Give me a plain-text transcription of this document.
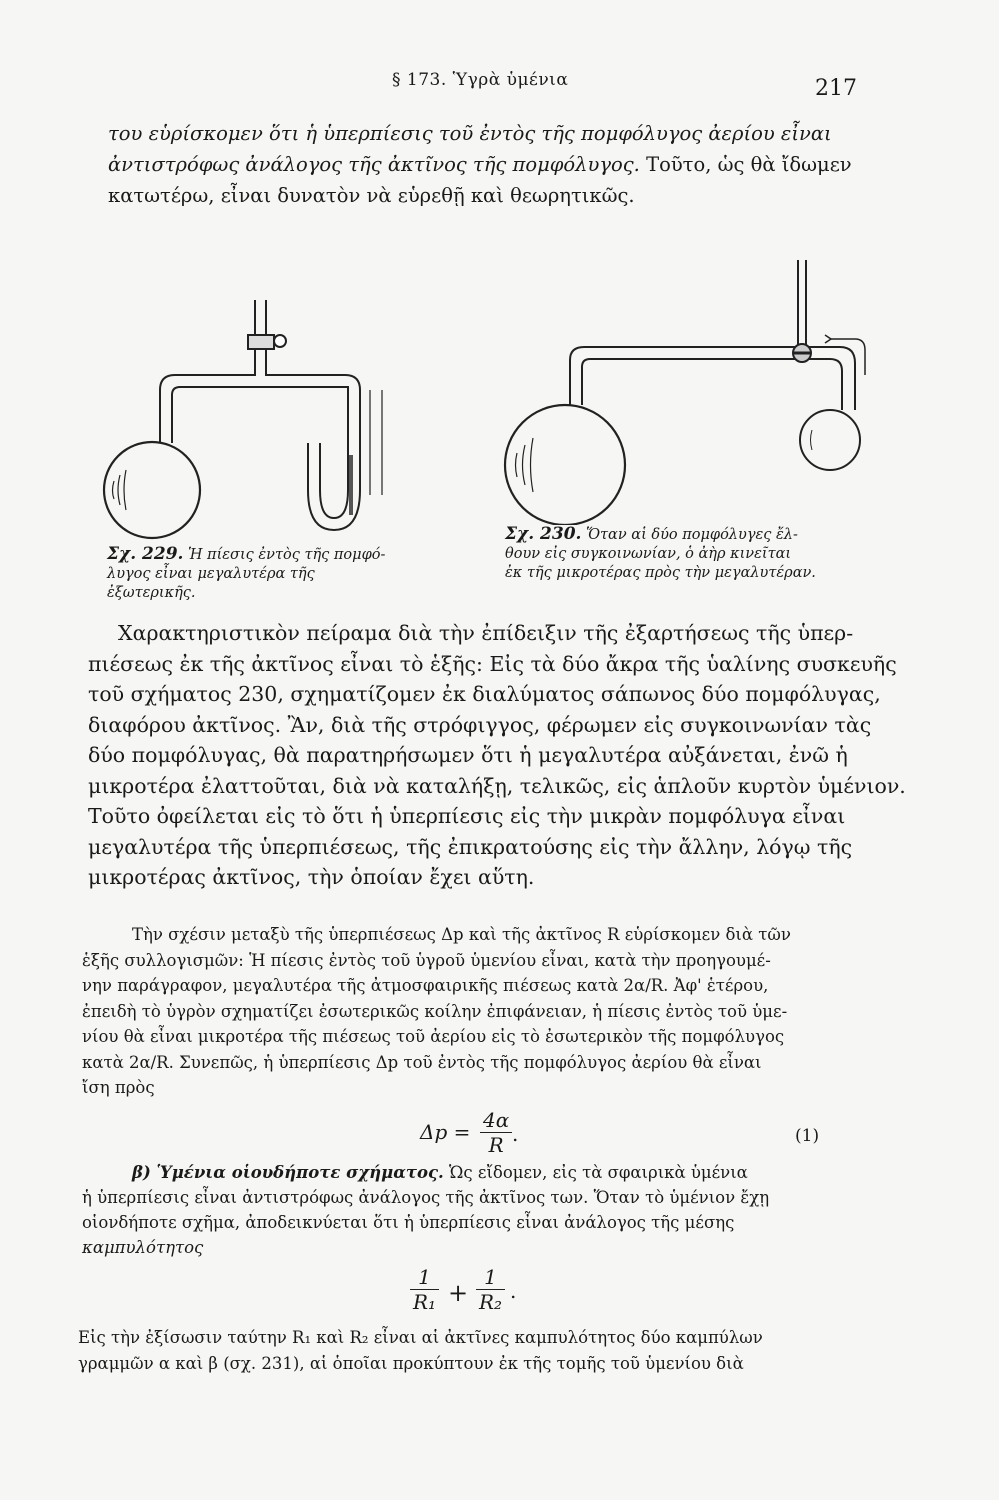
§ 173. Ὑγρὰ ὑμένια	217
του εὑρίσκομεν ὅτι ἡ ὑπερπίεσις τοῦ ἐντὸς τῆς πομφόλυγος ἀερίου εἶναι
ἀντιστρόφως ἀνάλογος τῆς ἀκτῖνος τῆς πομφόλυγος. Τοῦτο, ὡς θὰ ἴδωμεν
κατωτέρω, εἶναι δυνατὸν νὰ εὑρεθῇ καὶ θεωρητικῶς.
Σχ. 229. Ἡ πίεσις ἐντὸς τῆς πομφό-
λυγος εἶναι μεγαλυτέρα τῆς ἐξωτερικῆς.
Σχ. 230. Ὅταν αἱ δύο πομφόλυγες ἔλ-
θουν εἰς συγκοινωνίαν, ὁ ἀὴρ κινεῖται
ἐκ τῆς μικροτέρας πρὸς τὴν μεγαλυτέραν.
Χαρακτηριστικὸν πείραμα διὰ τὴν ἐπίδειξιν τῆς ἐξαρτήσεως τῆς ὑπερ-
πιέσεως ἐκ τῆς ἀκτῖνος εἶναι τὸ ἑξῆς: Εἰς τὰ δύο ἄκρα τῆς ὑαλίνης συσκευῆς
τοῦ σχήματος 230, σχηματίζομεν ἐκ διαλύματος σάπωνος δύο πομφόλυγας,
διαφόρου ἀκτῖνος. Ἂν, διὰ τῆς στρόφιγγος, φέρωμεν εἰς συγκοινωνίαν τὰς
δύο πομφόλυγας, θὰ παρατηρήσωμεν ὅτι ἡ μεγαλυτέρα αὐξάνεται, ἐνῶ ἡ
μικροτέρα ἐλαττοῦται, διὰ νὰ καταλήξῃ, τελικῶς, εἰς ἁπλοῦν κυρτὸν ὑμένιον.
Τοῦτο ὀφείλεται εἰς τὸ ὅτι ἡ ὑπερπίεσις εἰς τὴν μικρὰν πομφόλυγα εἶναι
μεγαλυτέρα τῆς ὑπερπιέσεως, τῆς ἐπικρατούσης εἰς τὴν ἄλλην, λόγῳ τῆς
μικροτέρας ἀκτῖνος, τὴν ὁποίαν ἔχει αὕτη.
Τὴν σχέσιν μεταξὺ τῆς ὑπερπιέσεως Δp καὶ τῆς ἀκτῖνος R εὑρίσκομεν διὰ τῶν
ἑξῆς συλλογισμῶν: Ἡ πίεσις ἐντὸς τοῦ ὑγροῦ ὑμενίου εἶναι, κατὰ τὴν προηγουμέ-
νην παράγραφον, μεγαλυτέρα τῆς ἀτμοσφαιρικῆς πιέσεως κατὰ 2α/R. Ἀφ' ἑτέρου,
ἐπειδὴ τὸ ὑγρὸν σχηματίζει ἐσωτερικῶς κοίλην ἐπιφάνειαν, ἡ πίεσις ἐντὸς τοῦ ὑμε-
νίου θὰ εἶναι μικροτέρα τῆς πιέσεως τοῦ ἀερίου εἰς τὸ ἐσωτερικὸν τῆς πομφόλυγος
κατὰ 2α/R. Συνεπῶς, ἡ ὑπερπίεσις Δp τοῦ ἐντὸς τῆς πομφόλυγος ἀερίου θὰ εἶναι
ἴση πρὸς
$\Delta p = \frac{4\alpha}{R}$ .	(1)
β) Ὑμένια οἱουδήποτε σχήματος. Ὡς εἴδομεν, εἰς τὰ σφαιρικὰ ὑμένια
ἡ ὑπερπίεσις εἶναι ἀντιστρόφως ἀνάλογος τῆς ἀκτῖνος των. Ὅταν τὸ ὑμένιον ἔχῃ
οἱονδήποτε σχῆμα, ἀποδεικνύεται ὅτι ἡ ὑπερπίεσις εἶναι ἀνάλογος τῆς μέσης
καμπυλότητος
$\frac{1}{\text{R₁}} + \frac{1}{\text{R₂}}$ .
Εἰς τὴν ἐξίσωσιν ταύτην R₁ καὶ R₂ εἶναι αἱ ἀκτῖνες καμπυλότητος δύο καμπύλων
γραμμῶν α καὶ β (σχ. 231), αἱ ὁποῖαι προκύπτουν ἐκ τῆς τομῆς τοῦ ὑμενίου διὰ
